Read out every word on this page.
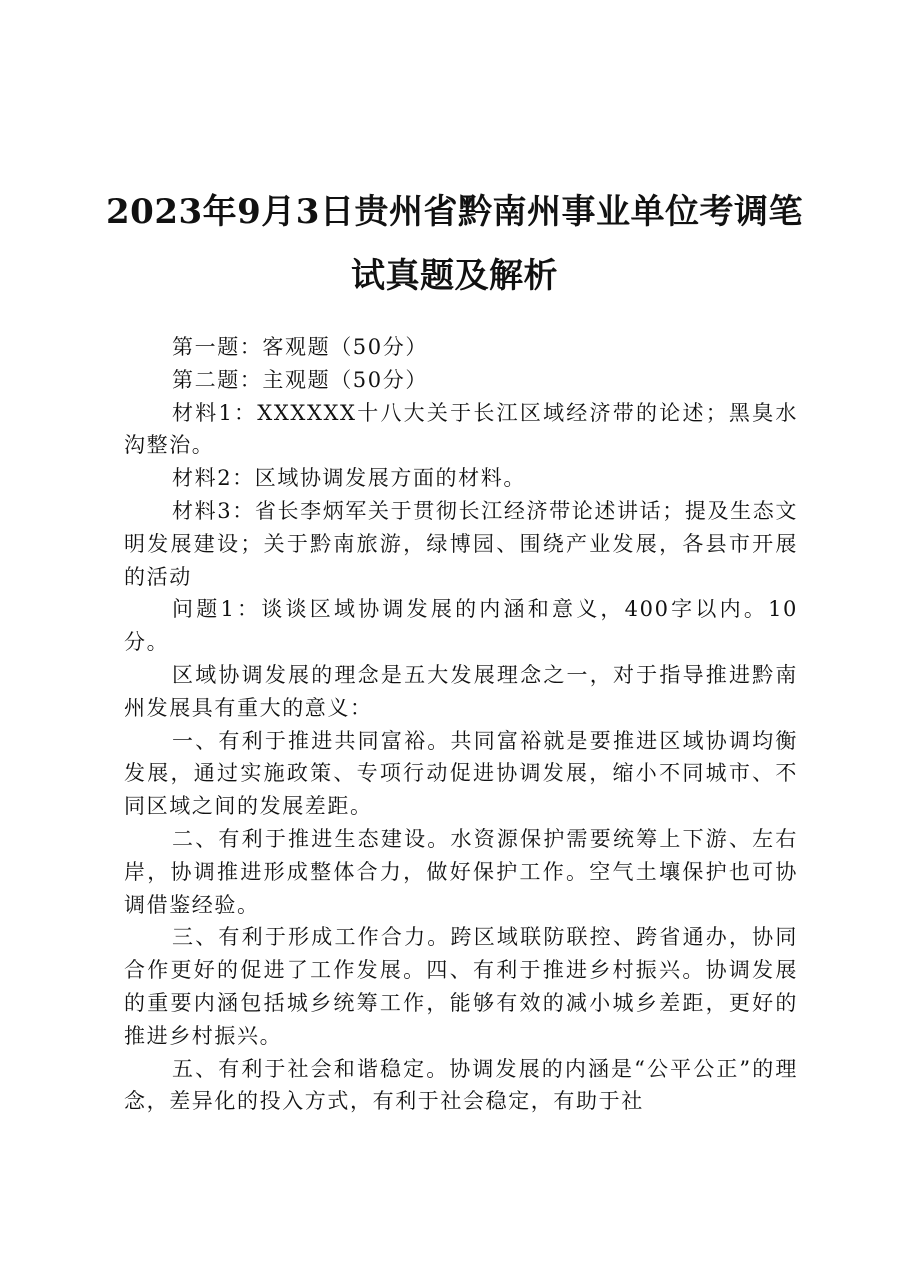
2023年9月3日贵州省黔南州事业单位考调笔
试真题及解析

第一题：客观题（50分）

第二题：主观题（50分）

材料1：XXXXXX十八大关于长江区域经济带的论述；黑臭水沟整治。

材料2：区域协调发展方面的材料。

材料3：省长李炳军关于贯彻长江经济带论述讲话；提及生态文明发展建设；关于黔南旅游，绿博园、围绕产业发展，各县市开展的活动

问题1：谈谈区域协调发展的内涵和意义，400字以内。10分。

区域协调发展的理念是五大发展理念之一，对于指导推进黔南州发展具有重大的意义：

一、有利于推进共同富裕。共同富裕就是要推进区域协调均衡发展，通过实施政策、专项行动促进协调发展，缩小不同城市、不同区域之间的发展差距。

二、有利于推进生态建设。水资源保护需要统筹上下游、左右岸，协调推进形成整体合力，做好保护工作。空气土壤保护也可协调借鉴经验。

三、有利于形成工作合力。跨区域联防联控、跨省通办，协同合作更好的促进了工作发展。四、有利于推进乡村振兴。协调发展的重要内涵包括城乡统筹工作，能够有效的减小城乡差距，更好的推进乡村振兴。

五、有利于社会和谐稳定。协调发展的内涵是“公平公正”的理念，差异化的投入方式，有利于社会稳定，有助于社
